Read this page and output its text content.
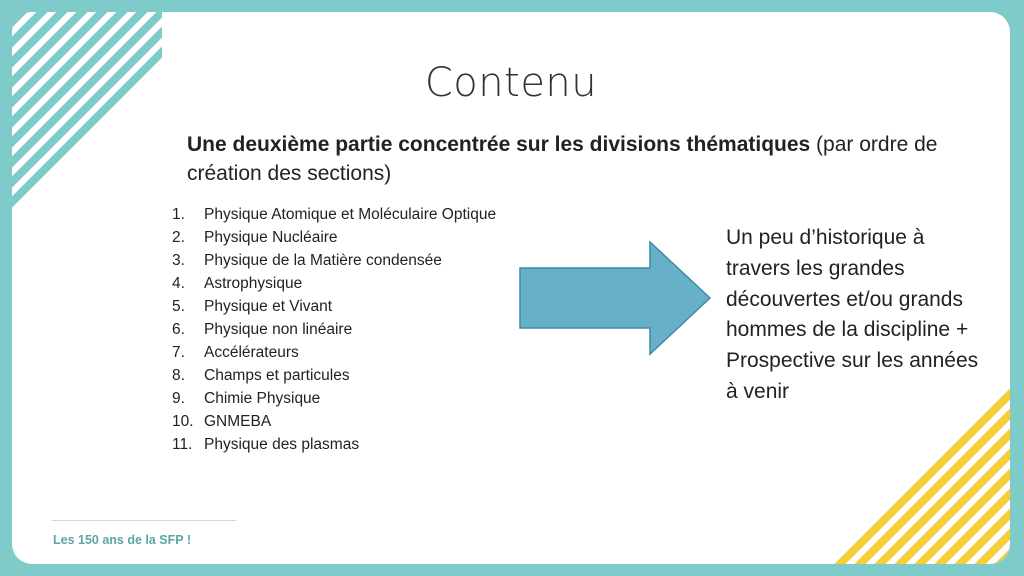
Contenu
Une deuxième partie concentrée sur les divisions thématiques (par ordre de création des sections)
1.	Physique Atomique et Moléculaire Optique
2.	Physique Nucléaire
3.	Physique de la Matière condensée
4.	Astrophysique
5.	Physique et Vivant
6.	Physique non linéaire
7.	Accélérateurs
8.	Champs et particules
9.	Chimie Physique
10. GNMEBA
11. Physique des plasmas
Un peu d’historique à travers les grandes découvertes et/ou grands hommes de la discipline + Prospective sur les années à venir
Les 150 ans de la SFP !
